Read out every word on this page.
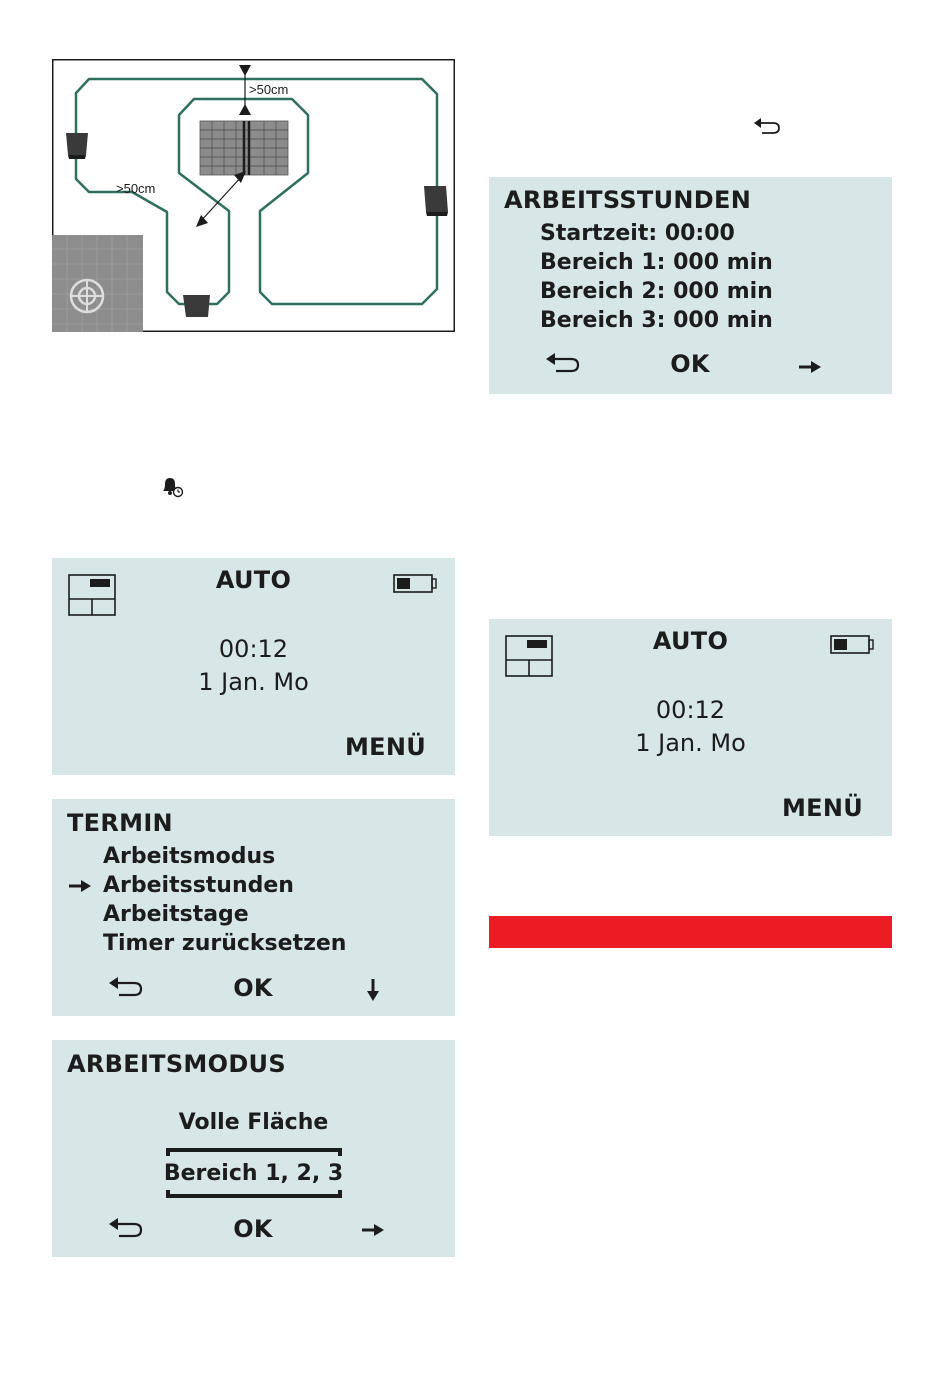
>50cm
>50cm
AUTO
00:12
1 Jan. Mo
MENÜ
TERMIN
Arbeitsmodus
Arbeitsstunden
Arbeitstage
Timer zurücksetzen
OK
ARBEITSMODUS
Volle Fläche
Bereich 1, 2, 3
OK
ARBEITSSTUNDEN
Startzeit: 00:00
Bereich 1: 000 min
Bereich 2: 000 min
Bereich 3: 000 min
OK
AUTO
00:12
1 Jan. Mo
MENÜ
